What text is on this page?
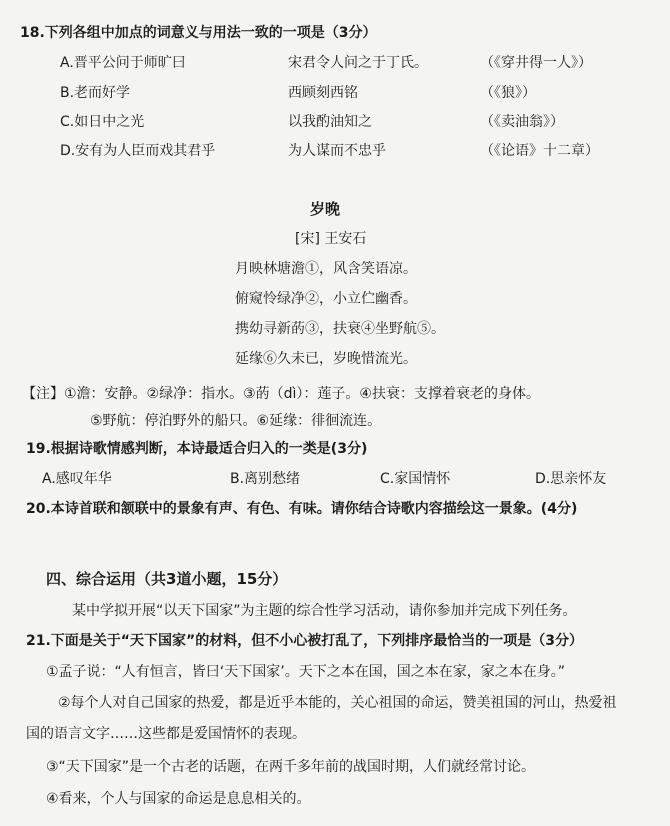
18.下列各组中加点的词意义与用法一致的一项是（3分）
A.晋平公问于师旷曰	宋君令人问之于丁氏。	（《穿井得一人》）
B.老而好学	西顾刻西铭	（《狼》）
C.如日中之光	以我酌油知之	（《卖油翁》）
D.安有为人臣而戏其君乎	为人谋而不忠乎	（《论语》十二章）
岁晚
[宋] 王安石
月映林塘澹①，风含笑语凉。
俯窥怜绿净②，小立伫幽香。
携幼寻新菂③，扶衰④坐野航⑤。
延缘⑥久未已，岁晚惜流光。
【注】①澹：安静。②绿净：指水。③菂（dì）：莲子。④扶衰：支撑着衰老的身体。
⑤野航：停泊野外的船只。⑥延缘：徘徊流连。
19.根据诗歌情感判断，本诗最适合归入的一类是(3分)
A.感叹年华	B.离别愁绪	C.家国情怀	D.思亲怀友
20.本诗首联和颔联中的景象有声、有色、有味。请你结合诗歌内容描绘这一景象。(4分)
四、综合运用（共3道小题，15分）
某中学拟开展“以天下国家”为主题的综合性学习活动，请你参加并完成下列任务。
21.下面是关于“天下国家”的材料，但不小心被打乱了，下列排序最恰当的一项是（3分）
①孟子说：“人有恒言，皆曰‘天下国家’。天下之本在国，国之本在家，家之本在身。”
②每个人对自己国家的热爱，都是近乎本能的，关心祖国的命运，赞美祖国的河山，热爱祖
国的语言文字……这些都是爱国情怀的表现。
③“天下国家”是一个古老的话题，在两千多年前的战国时期，人们就经常讨论。
④看来，个人与国家的命运是息息相关的。
